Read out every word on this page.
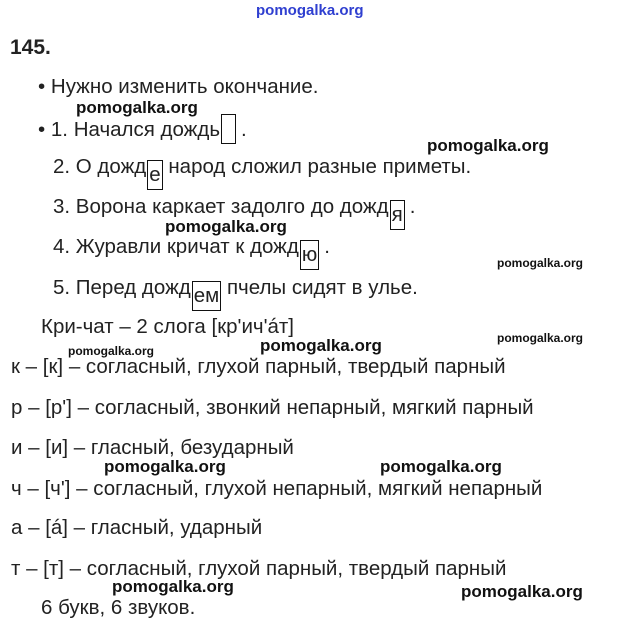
pomogalka.org
145.
• Нужно изменить окончание.
pomogalka.org
• 1. Начался дождь .
pomogalka.org
2. О дожд е народ сложил разные приметы.
3. Ворона каркает задолго до дожд я .
pomogalka.org
4. Журавли кричат к дожд ю .
pomogalka.org
5. Перед дожд ем пчелы сидят в улье.
Кри-чат – 2 слога [кр'ич'áт]	pomogalka.org
pomogalka.org	pomogalka.org
к – [к] – согласный, глухой парный, твердый парный
р – [р'] – согласный, звонкий непарный, мягкий парный
и – [и] – гласный, безударный
pomogalka.org	pomogalka.org
ч – [ч'] – согласный, глухой непарный, мягкий непарный
а – [á] – гласный, ударный
т – [т] – согласный, глухой парный, твердый парный
pomogalka.org	pomogalka.org
6 букв, 6 звуков.
